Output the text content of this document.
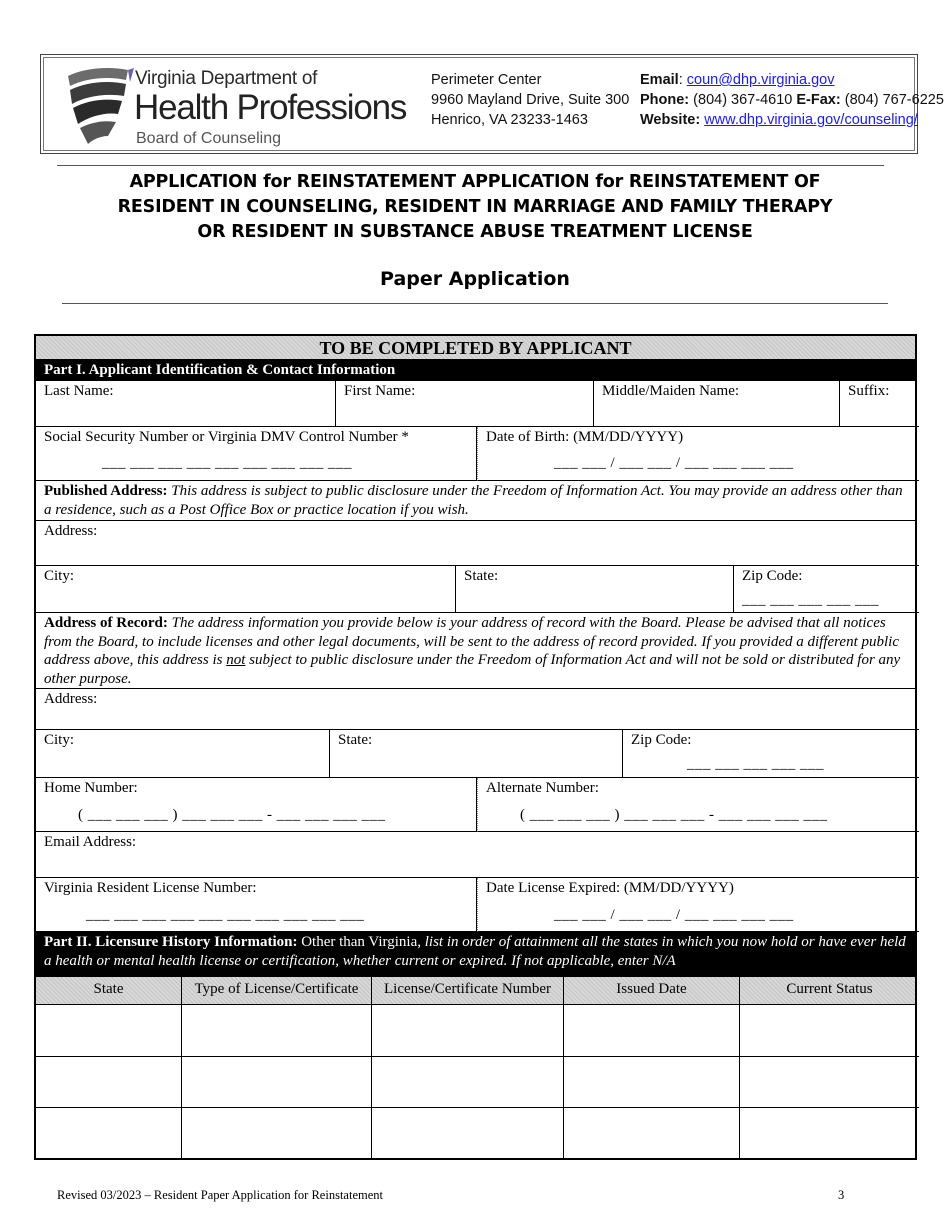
Virginia Department of
Health Professions
Board of Counseling
Perimeter Center
9960 Mayland Drive, Suite 300
Henrico, VA 23233-1463
Email: coun@dhp.virginia.gov
Phone: (804) 367-4610 E-Fax: (804) 767-6225
Website: www.dhp.virginia.gov/counseling/
APPLICATION for REINSTATEMENT APPLICATION for REINSTATEMENT OF
RESIDENT IN COUNSELING, RESIDENT IN MARRIAGE AND FAMILY THERAPY
OR RESIDENT IN SUBSTANCE ABUSE TREATMENT LICENSE
Paper Application
TO BE COMPLETED BY APPLICANT
Part I. Applicant Identification & Contact Information
Last Name:	First Name:	Middle/Maiden Name:	Suffix:
Social Security Number or Virginia DMV Control Number *
___ ___ ___ ___ ___ ___ ___ ___ ___
Date of Birth: (MM/DD/YYYY)
___ ___ / ___ ___ / ___ ___ ___ ___
Published Address: This address is subject to public disclosure under the Freedom of Information Act. You may provide an address other than a residence, such as a Post Office Box or practice location if you wish.
Address:
City:	State:	Zip Code:
___ ___ ___ ___ ___
Address of Record: The address information you provide below is your address of record with the Board. Please be advised that all notices from the Board, to include licenses and other legal documents, will be sent to the address of record provided. If you provided a different public address above, this address is not subject to public disclosure under the Freedom of Information Act and will not be sold or distributed for any other purpose.
Address:
City:	State:	Zip Code:
___ ___ ___ ___ ___
Home Number:
( ___ ___ ___ ) ___ ___ ___ - ___ ___ ___ ___
Alternate Number:
( ___ ___ ___ ) ___ ___ ___ - ___ ___ ___ ___
Email Address:
Virginia Resident License Number:
___ ___ ___ ___ ___ ___ ___ ___ ___ ___
Date License Expired: (MM/DD/YYYY)
___ ___ / ___ ___ / ___ ___ ___ ___
Part II. Licensure History Information: Other than Virginia, list in order of attainment all the states in which you now hold or have ever held a health or mental health license or certification, whether current or expired. If not applicable, enter N/A
State	Type of License/Certificate	License/Certificate Number	Issued Date	Current Status
Revised 03/2023 – Resident Paper Application for Reinstatement	3
